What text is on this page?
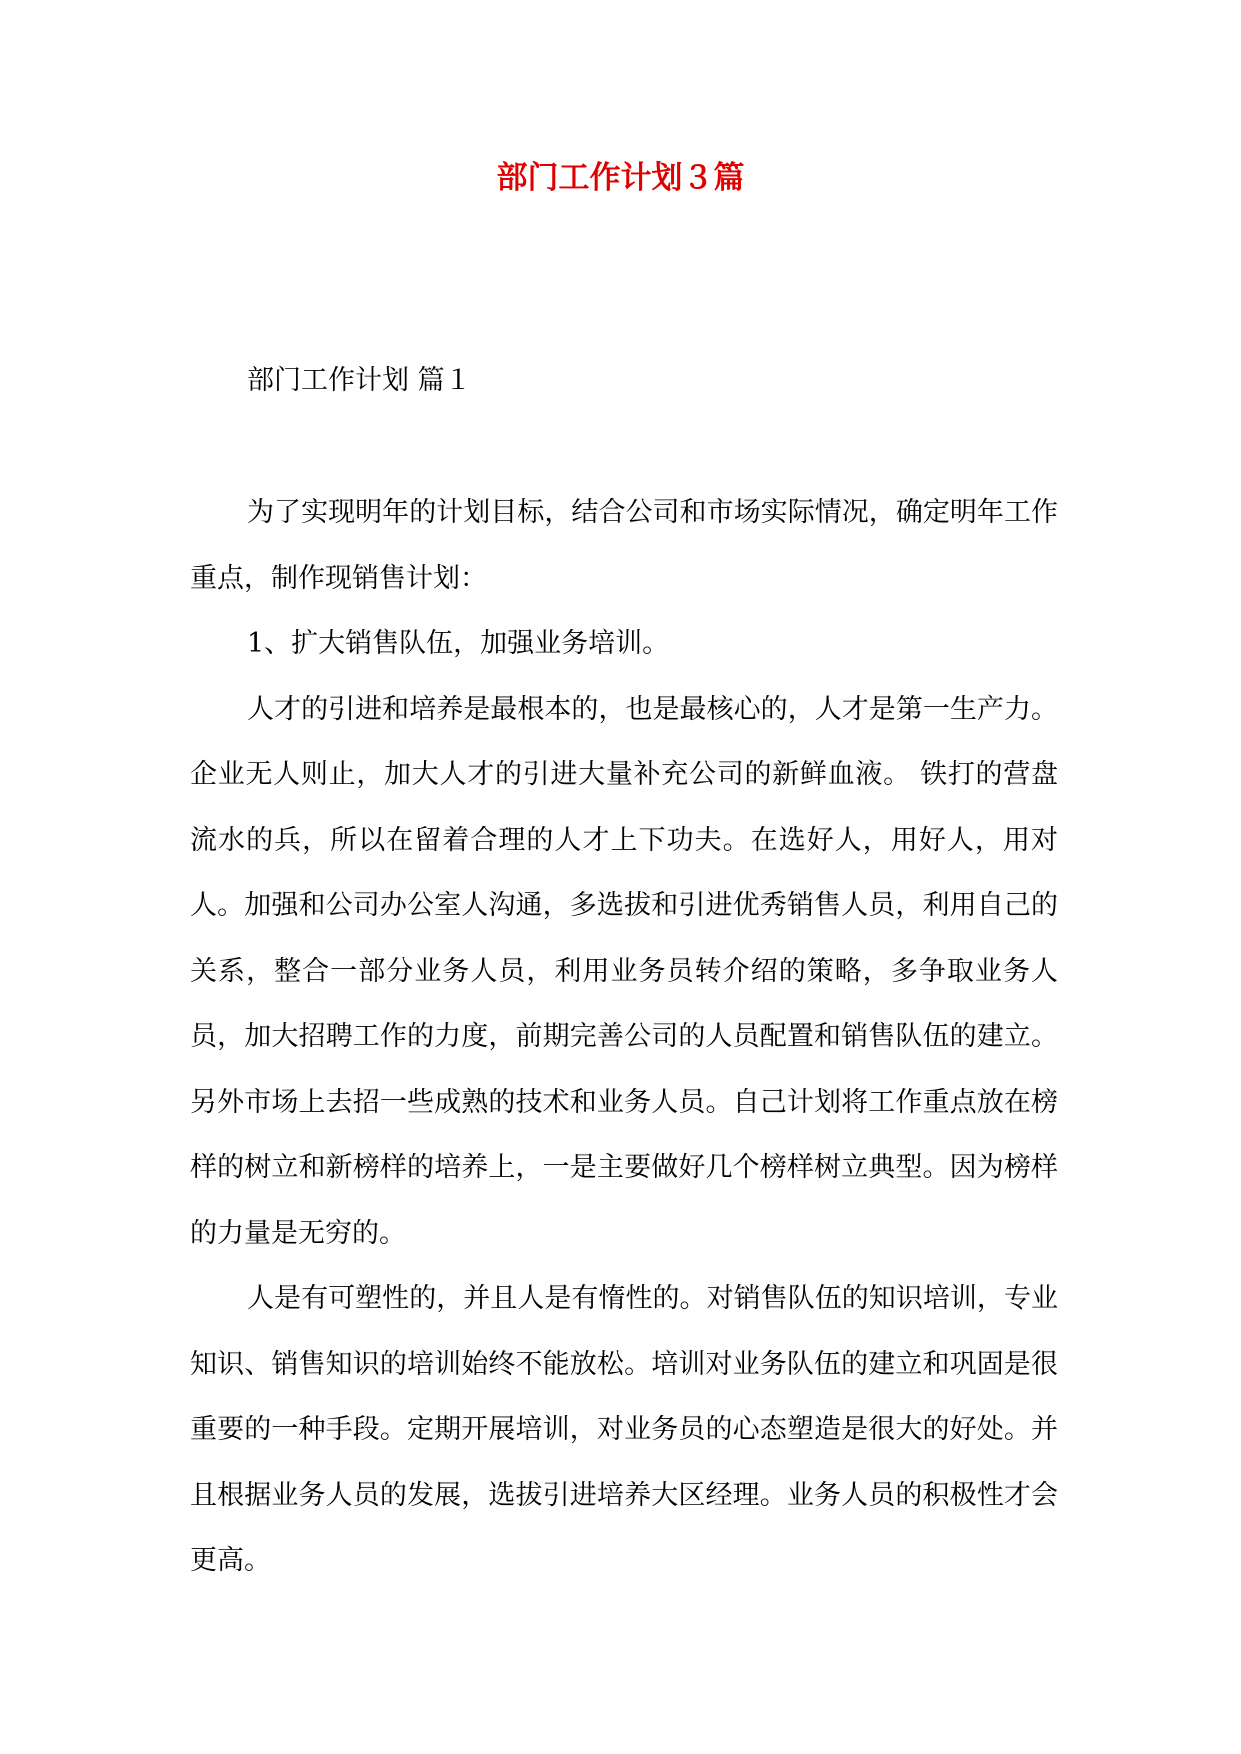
部门工作计划３篇
部门工作计划 篇１

为了实现明年的计划目标，结合公司和市场实际情况，确定明年工作重点，制作现销售计划：

1、扩大销售队伍，加强业务培训。

人才的引进和培养是最根本的，也是最核心的，人才是第一生产力。企业无人则止，加大人才的引进大量补充公司的新鲜血液。 铁打的营盘流水的兵，所以在留着合理的人才上下功夫。在选好人，用好人，用对人。加强和公司办公室人沟通，多选拔和引进优秀销售人员，利用自己的关系，整合一部分业务人员，利用业务员转介绍的策略，多争取业务人员，加大招聘工作的力度，前期完善公司的人员配置和销售队伍的建立。另外市场上去招一些成熟的技术和业务人员。自己计划将工作重点放在榜样的树立和新榜样的培养上，一是主要做好几个榜样树立典型。因为榜样的力量是无穷的。

人是有可塑性的，并且人是有惰性的。对销售队伍的知识培训，专业知识、销售知识的培训始终不能放松。培训对业务队伍的建立和巩固是很重要的一种手段。定期开展培训，对业务员的心态塑造是很大的好处。并且根据业务人员的发展，选拔引进培养大区经理。业务人员的积极性才会更高。
